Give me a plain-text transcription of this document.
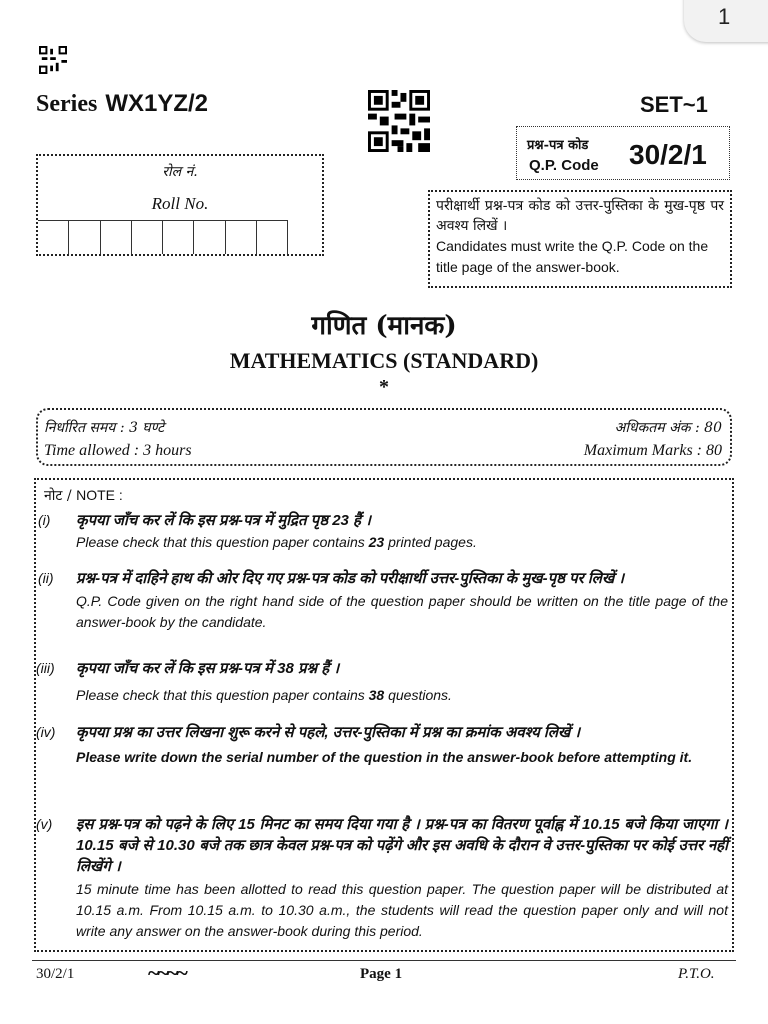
1
Series WX1YZ/2	SET~1
प्रश्न-पत्र कोड
Q.P. Code 30/2/1
रोल नं.
Roll No.	परीक्षार्थी प्रश्न-पत्र कोड को उत्तर-पुस्तिका के मुख-पृष्ठ पर अवश्य लिखें ।
Candidates must write the Q.P. Code on the title page of the answer-book.
गणित (मानक)
MATHEMATICS (STANDARD)
*
निर्धारित समय : 3 घण्टे
Time allowed : 3 hours
अधिकतम अंक : 80
Maximum Marks : 80
नोट / NOTE :
(i) कृपया जाँच कर लें कि इस प्रश्न-पत्र में मुद्रित पृष्ठ 23 हैं ।
Please check that this question paper contains 23 printed pages.
(ii) प्रश्न-पत्र में दाहिने हाथ की ओर दिए गए प्रश्न-पत्र कोड को परीक्षार्थी उत्तर-पुस्तिका के मुख-पृष्ठ पर लिखें ।
Q.P. Code given on the right hand side of the question paper should be written on the title page of the answer-book by the candidate.
(iii) कृपया जाँच कर लें कि इस प्रश्न-पत्र में 38 प्रश्न हैं ।
Please check that this question paper contains 38 questions.
(iv) कृपया प्रश्न का उत्तर लिखना शुरू करने से पहले, उत्तर-पुस्तिका में प्रश्न का क्रमांक अवश्य लिखें ।
Please write down the serial number of the question in the answer-book before attempting it.
(v) इस प्रश्न-पत्र को पढ़ने के लिए 15 मिनट का समय दिया गया है । प्रश्न-पत्र का वितरण पूर्वाह्न में 10.15 बजे किया जाएगा । 10.15 बजे से 10.30 बजे तक छात्र केवल प्रश्न-पत्र को पढ़ेंगे और इस अवधि के दौरान वे उत्तर-पुस्तिका पर कोई उत्तर नहीं लिखेंगे ।
15 minute time has been allotted to read this question paper. The question paper will be distributed at 10.15 a.m. From 10.15 a.m. to 10.30 a.m., the students will read the question paper only and will not write any answer on the answer-book during this period.
30/2/1	~~~~	Page 1	P.T.O.
